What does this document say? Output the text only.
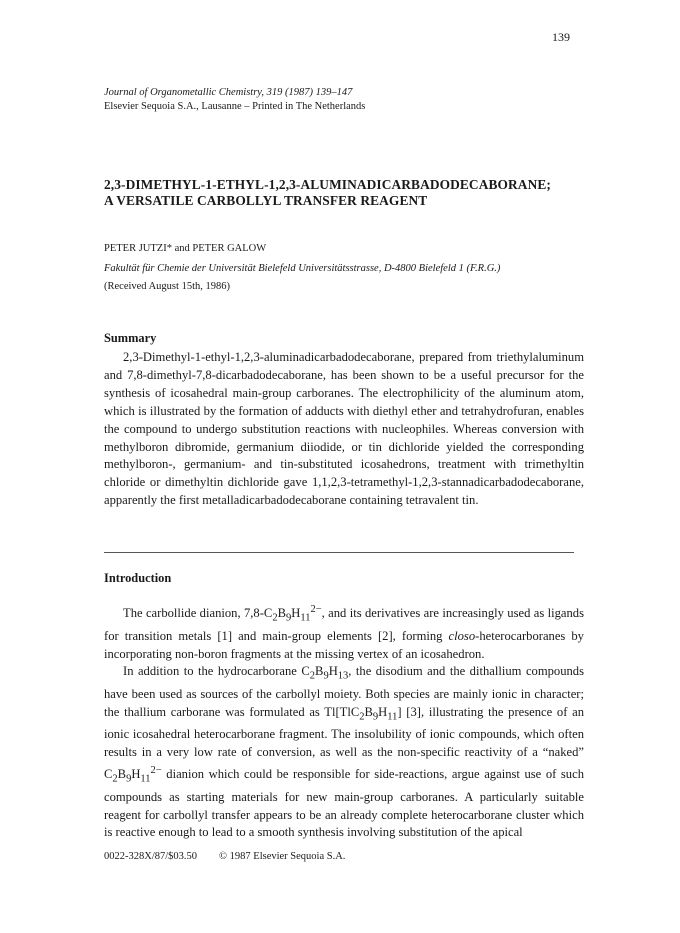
139
Journal of Organometallic Chemistry, 319 (1987) 139–147
Elsevier Sequoia S.A., Lausanne – Printed in The Netherlands
2,3-DIMETHYL-1-ETHYL-1,2,3-ALUMINADICARBADODECABORANE;
A VERSATILE CARBOLLYL TRANSFER REAGENT
PETER JUTZI* and PETER GALOW
Fakultät für Chemie der Universität Bielefeld Universitätsstrasse, D-4800 Bielefeld 1 (F.R.G.)
(Received August 15th, 1986)
Summary

2,3-Dimethyl-1-ethyl-1,2,3-aluminadicarbadodecaborane, prepared from triethylaluminum and 7,8-dimethyl-7,8-dicarbadodecaborane, has been shown to be a useful precursor for the synthesis of icosahedral main-group carboranes. The electrophilicity of the aluminum atom, which is illustrated by the formation of adducts with diethyl ether and tetrahydrofuran, enables the compound to undergo substitution reactions with nucleophiles. Whereas conversion with methylboron dibromide, germanium diiodide, or tin dichloride yielded the corresponding methylboron-, germanium- and tin-substituted icosahedrons, treatment with trimethyltin chloride or dimethyltin dichloride gave 1,1,2,3-tetramethyl-1,2,3-stannadicarbadodecaborane, apparently the first metalladicarbadodecaborane containing tetravalent tin.

Introduction

The carbollide dianion, $7,8-C_2B_9H_{11}^{2-}$, and its derivatives are increasingly used as ligands for transition metals [1] and main-group elements [2], forming closo-heterocarboranes by incorporating non-boron fragments at the missing vertex of an icosahedron.

In addition to the hydrocarborane $C_2B_9H_{13}$, the disodium and the dithallium compounds have been used as sources of the carbollyl moiety. Both species are mainly ionic in character; the thallium carborane was formulated as $Tl[TlC_2B_9H_{11}]$ [3], illustrating the presence of an ionic icosahedral heterocarborane fragment. The insolubility of ionic compounds, which often results in a very low rate of conversion, as well as the non-specific reactivity of a “naked” $C_2B_9H_{11}^{2-}$ dianion which could be responsible for side-reactions, argue against use of such compounds as starting materials for new main-group carboranes. A particularly suitable reagent for carbollyl transfer appears to be an already complete heterocarborane cluster which is reactive enough to lead to a smooth synthesis involving substitution of the apical

0022-328X/87/$03.50 © 1987 Elsevier Sequoia S.A.
